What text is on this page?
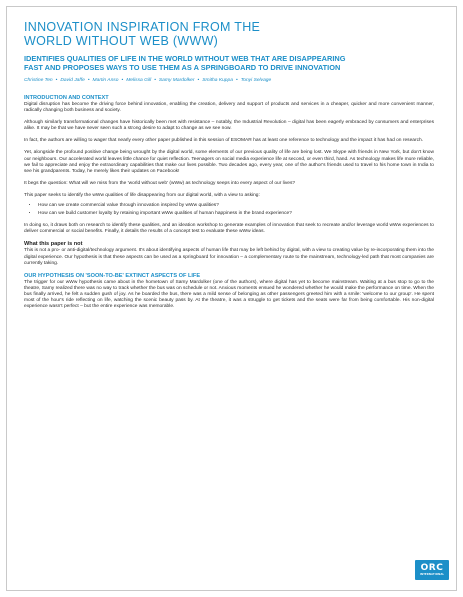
INNOVATION INSPIRATION FROM THE
WORLD WITHOUT WEB (WWW)
IDENTIFIES QUALITIES OF LIFE IN THE WORLD WITHOUT WEB THAT ARE DISAPPEARING
FAST AND PROPOSES WAYS TO USE THEM AS A SPRINGBOARD TO DRIVE INNOVATION
Christine Ten • David Jaffe • Martin Anso • Melissa Gill • Samy Mardolker • Smitha Kuppa • Tonyi Selvage
INTRODUCTION AND CONTEXT

Digital disruption has become the driving force behind innovation, enabling the creation, delivery and support of products and services in a cheaper, quicker and more convenient manner, radically changing both business and society.

Although similarly transformational changes have historically been met with resistance – notably, the Industrial Revolution – digital has been eagerly embraced by consumers and enterprises alike. It may be that we have never seen such a strong desire to adapt to change as we see now.

In fact, the authors are willing to wager that nearly every other paper published in this session of ESOMAR has at least one reference to technology and the impact it has had on research.

Yet, alongside the profound positive change being wrought by the digital world, some elements of our previous quality of life are being lost. We Skype with friends in New York, but don't know our neighbours. Our accelerated world leaves little chance for quiet reflection. Teenagers on social media experience life at second, or even third, hand. As technology makes life more reliable, we fail to appreciate and enjoy the extraordinary capabilities that make our lives possible. Two decades ago, every year, one of the author's friends used to travel to his home town in India to see his grandparents. Today, he merely likes their updates on Facebook!

It begs the question: What will we miss from the 'world without web' (wWw) as technology seeps into every aspect of our lives?

This paper seeks to identify the wWw qualities of life disappearing from our digital world, with a view to asking:

• How can we create commercial value through innovation inspired by wWw qualities?
• How can we build customer loyalty by retaining important wWw qualities of human happiness in the brand experience?

In doing so, it draws both on research to identify these qualities, and an ideation workshop to generate examples of innovation that seek to recreate and/or leverage world wWw experiences to deliver commercial or social benefits. Finally, it details the results of a concept test to evaluate these wWw ideas.

What this paper is not

This is not a pro- or anti-digital/technology argument. It's about identifying aspects of human life that may be left behind by digital, with a view to creating value by re-incorporating them into the digital experience. Our hypothesis is that these aspects can be used as a springboard for innovation – a complementary route to the mainstream, technology-led path that most companies are currently taking.

OUR HYPOTHESIS ON 'SOON-TO-BE' EXTINCT ASPECTS OF LIFE

The trigger for our wWw hypothesis came about in the hometown of Samy Mardolker (one of the authors), where digital has yet to become mainstream. Waiting at a bus stop to go to the theatre, Samy realized there was no way to track whether the bus was on schedule or not. Anxious moments ensued he wondered whether he would make the performance on time. When the bus finally arrived, he felt a sudden gush of joy. As he boarded the bus, there was a mild sense of belonging as other passengers greeted him with a smile: 'welcome to our group'. He spent most of the hour's ride reflecting on life, watching the scenic beauty pass by. At the theatre, it was a struggle to get tickets and the seats were far from being comfortable. His non-digital experience wasn't perfect – but the entire experience was memorable.

ORC
INTERNATIONAL
